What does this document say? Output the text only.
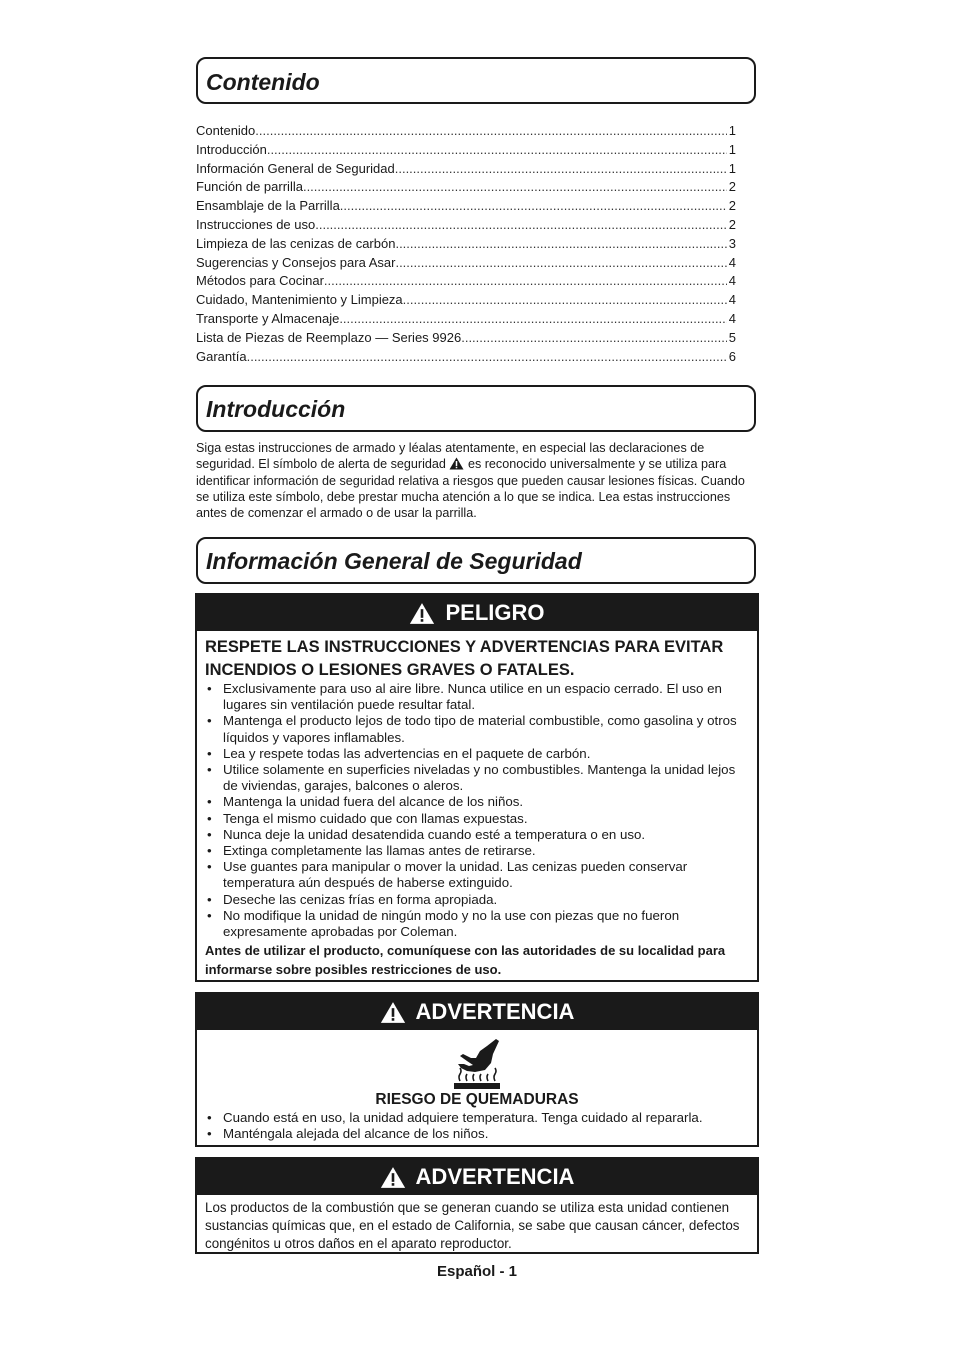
Contenido
Contenido .....	1
Introducción .....	1
Información General de Seguridad .....	1
Función de parrilla .....	2
Ensamblaje de la Parrilla .....	2
Instrucciones de uso .....	2
Limpieza de las cenizas de carbón .....	3
Sugerencias y Consejos para Asar .....	4
Métodos para Cocinar .....	4
Cuidado, Mantenimiento y Limpieza .....	4
Transporte y Almacenaje .....	4
Lista de Piezas de Reemplazo — Series 9926 .....	5
Garantía .....	6
Introducción
Siga estas instrucciones de armado y léalas atentamente, en especial las declaraciones de seguridad. El símbolo de alerta de seguridad es reconocido universalmente y se utiliza para identificar información de seguridad relativa a riesgos que pueden causar lesiones físicas. Cuando se utiliza este símbolo, debe prestar mucha atención a lo que se indica. Lea estas instrucciones antes de comenzar el armado o de usar la parrilla.
Información General de Seguridad
PELIGRO
RESPETE LAS INSTRUCCIONES Y ADVERTENCIAS PARA EVITAR INCENDIOS O LESIONES GRAVES O FATALES.
• Exclusivamente para uso al aire libre. Nunca utilice en un espacio cerrado. El uso en lugares sin ventilación puede resultar fatal.
• Mantenga el producto lejos de todo tipo de material combustible, como gasolina y otros líquidos y vapores inflamables.
• Lea y respete todas las advertencias en el paquete de carbón.
• Utilice solamente en superficies niveladas y no combustibles. Mantenga la unidad lejos de viviendas, garajes, balcones o aleros.
• Mantenga la unidad fuera del alcance de los niños.
• Tenga el mismo cuidado que con llamas expuestas.
• Nunca deje la unidad desatendida cuando esté a temperatura o en uso.
• Extinga completamente las llamas antes de retirarse.
• Use guantes para manipular o mover la unidad. Las cenizas pueden conservar temperatura aún después de haberse extinguido.
• Deseche las cenizas frías en forma apropiada.
• No modifique la unidad de ningún modo y no la use con piezas que no fueron expresamente aprobadas por Coleman.
Antes de utilizar el producto, comuníquese con las autoridades de su localidad para informarse sobre posibles restricciones de uso.
ADVERTENCIA
RIESGO DE QUEMADURAS
• Cuando está en uso, la unidad adquiere temperatura. Tenga cuidado al repararla.
• Manténgala alejada del alcance de los niños.
ADVERTENCIA
Los productos de la combustión que se generan cuando se utiliza esta unidad contienen sustancias químicas que, en el estado de California, se sabe que causan cáncer, defectos congénitos u otros daños en el aparato reproductor.
Español - 1
